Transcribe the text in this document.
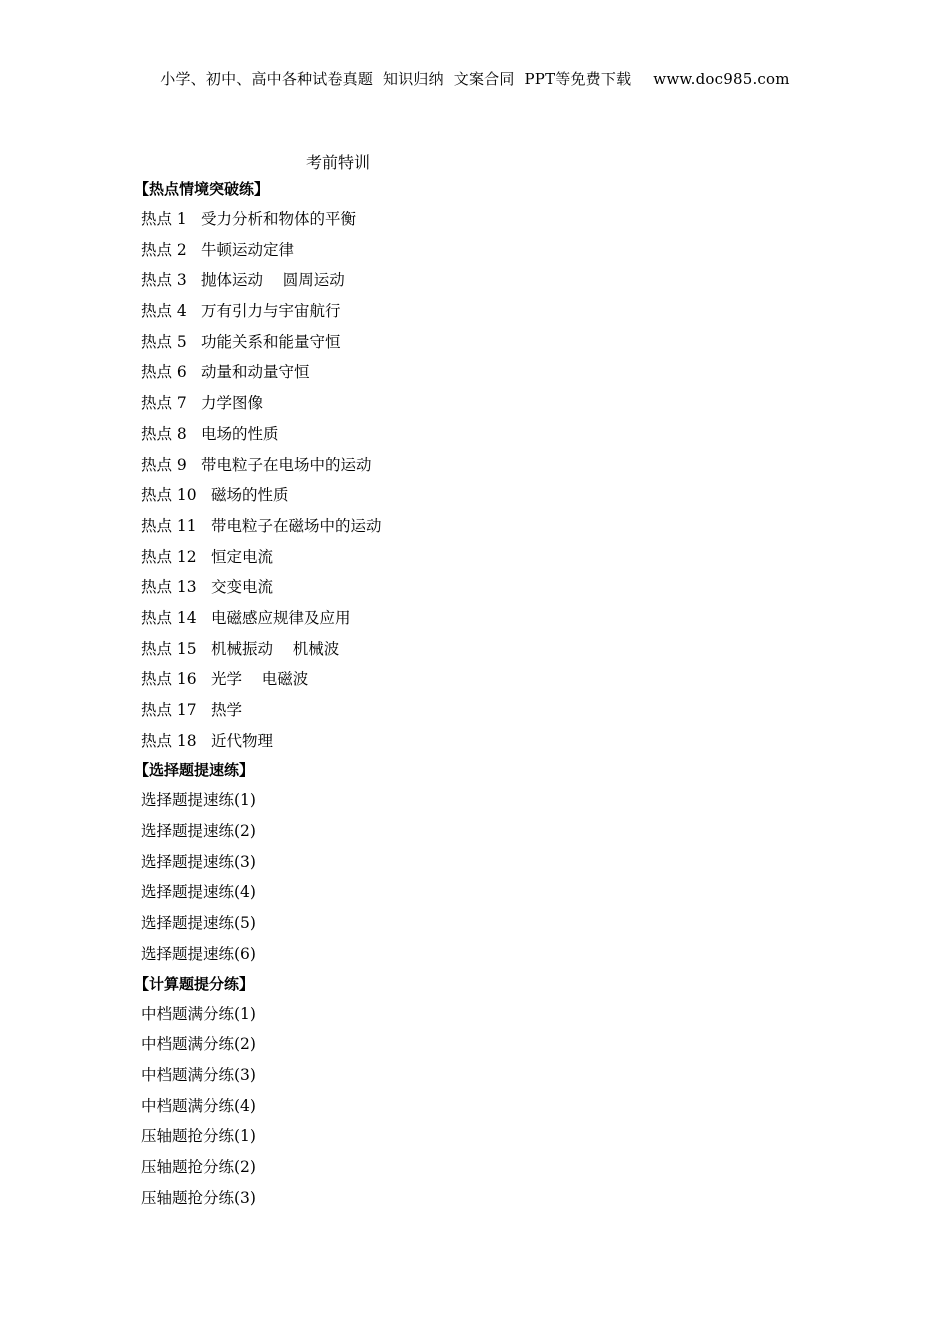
小学、初中、高中各种试卷真题  知识归纳  文案合同  PPT等免费下载 www.doc985.com
考前特训
【热点情境突破练】
热点 1 受力分析和物体的平衡
热点 2 牛顿运动定律
热点 3 抛体运动    圆周运动
热点 4 万有引力与宇宙航行
热点 5 功能关系和能量守恒
热点 6 动量和动量守恒
热点 7 力学图像
热点 8 电场的性质
热点 9 带电粒子在电场中的运动
热点 10 磁场的性质
热点 11 带电粒子在磁场中的运动
热点 12 恒定电流
热点 13 交变电流
热点 14 电磁感应规律及应用
热点 15 机械振动    机械波
热点 16 光学    电磁波
热点 17 热学
热点 18 近代物理
【选择题提速练】
选择题提速练(1)
选择题提速练(2)
选择题提速练(3)
选择题提速练(4)
选择题提速练(5)
选择题提速练(6)
【计算题提分练】
中档题满分练(1)
中档题满分练(2)
中档题满分练(3)
中档题满分练(4)
压轴题抢分练(1)
压轴题抢分练(2)
压轴题抢分练(3)
